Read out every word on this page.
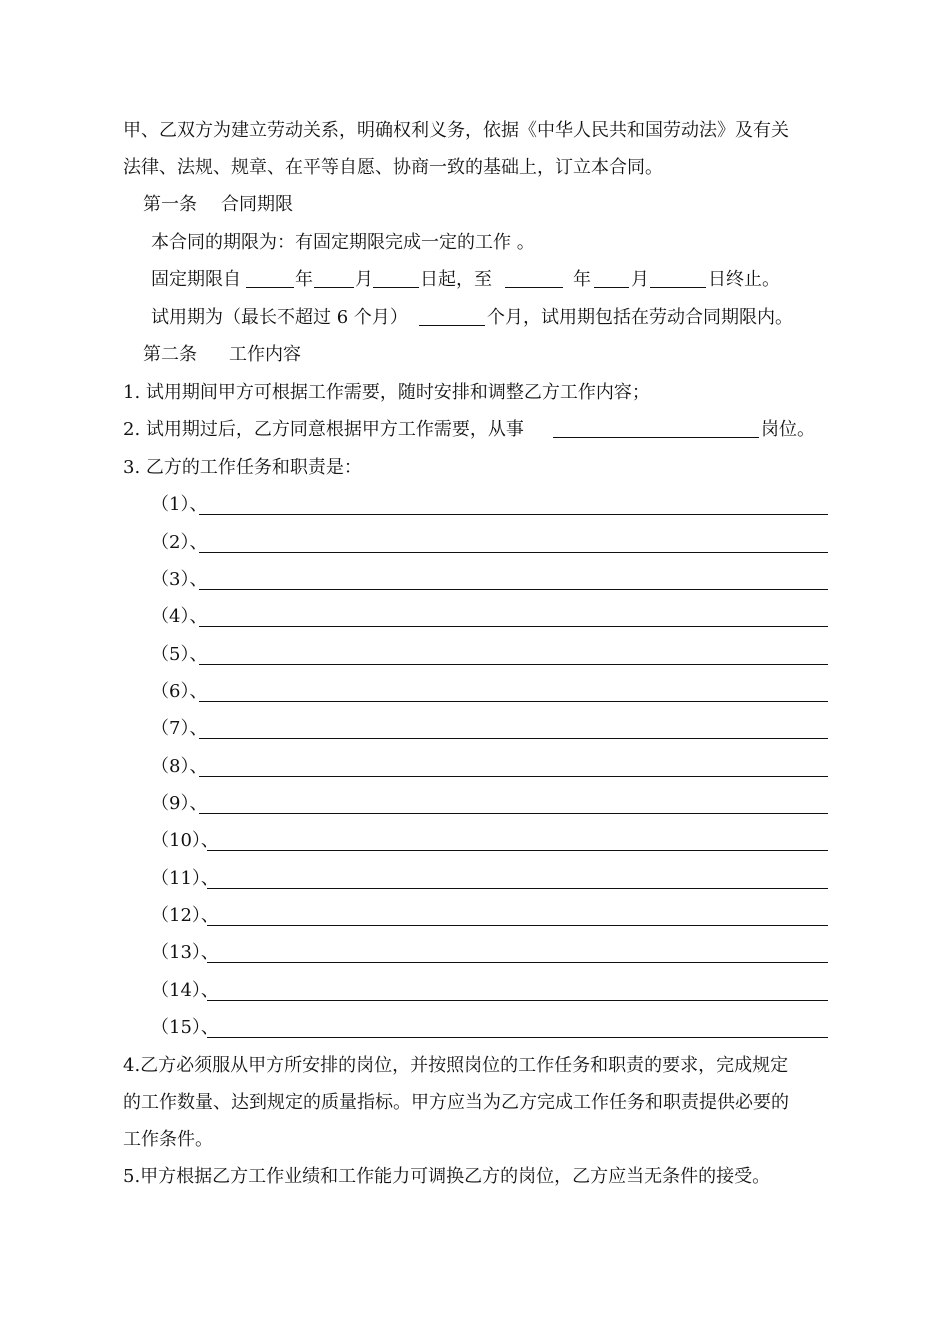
甲、乙双方为建立劳动关系，明确权利义务，依据《中华人民共和国劳动法》及有关
法律、法规、规章、在平等自愿、协商一致的基础上，订立本合同。
第一条 合同期限
本合同的期限为：有固定期限完成一定的工作 。
固定期限自	年 月	日起，至	年 月	日终止。
试用期为（最长不超过 6 个月）	个月，试用期包括在劳动合同期限内。
第二条 工作内容
1. 试用期间甲方可根据工作需要，随时安排和调整乙方工作内容；
2. 试用期过后，乙方同意根据甲方工作需要，从事	岗位。
3. 乙方的工作任务和职责是：
（1）、
（2）、
（3）、
（4）、
（5）、
（6）、
（7）、
（8）、
（9）、
（10）、
（11）、
（12）、
（13）、
（14）、
（15）、
4.乙方必须服从甲方所安排的岗位，并按照岗位的工作任务和职责的要求，完成规定
的工作数量、达到规定的质量指标。甲方应当为乙方完成工作任务和职责提供必要的
工作条件。
5.甲方根据乙方工作业绩和工作能力可调换乙方的岗位，乙方应当无条件的接受。
